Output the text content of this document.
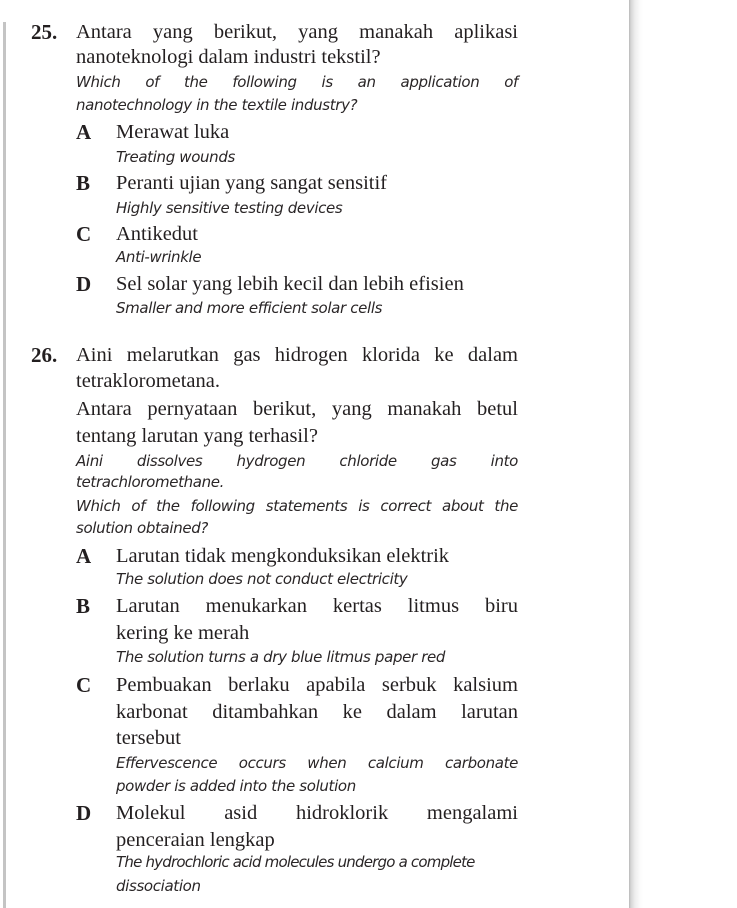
25. Antara yang berikut, yang manakah aplikasi
nanoteknologi dalam industri tekstil?
Which of the following is an application of
nanotechnology in the textile industry?
A Merawat luka
Treating wounds
B Peranti ujian yang sangat sensitif
Highly sensitive testing devices
C Antikedut
Anti-wrinkle
D Sel solar yang lebih kecil dan lebih efisien
Smaller and more efficient solar cells
26. Aini melarutkan gas hidrogen klorida ke dalam
tetraklorometana.
Antara pernyataan berikut, yang manakah betul
tentang larutan yang terhasil?
Aini dissolves hydrogen chloride gas into
tetrachloromethane.
Which of the following statements is correct about the
solution obtained?
A Larutan tidak mengkonduksikan elektrik
The solution does not conduct electricity
B Larutan menukarkan kertas litmus biru
kering ke merah
The solution turns a dry blue litmus paper red
C Pembuakan berlaku apabila serbuk kalsium
karbonat ditambahkan ke dalam larutan
tersebut
Effervescence occurs when calcium carbonate
powder is added into the solution
D Molekul asid hidroklorik mengalami
penceraian lengkap
The hydrochloric acid molecules undergo a complete
dissociation
